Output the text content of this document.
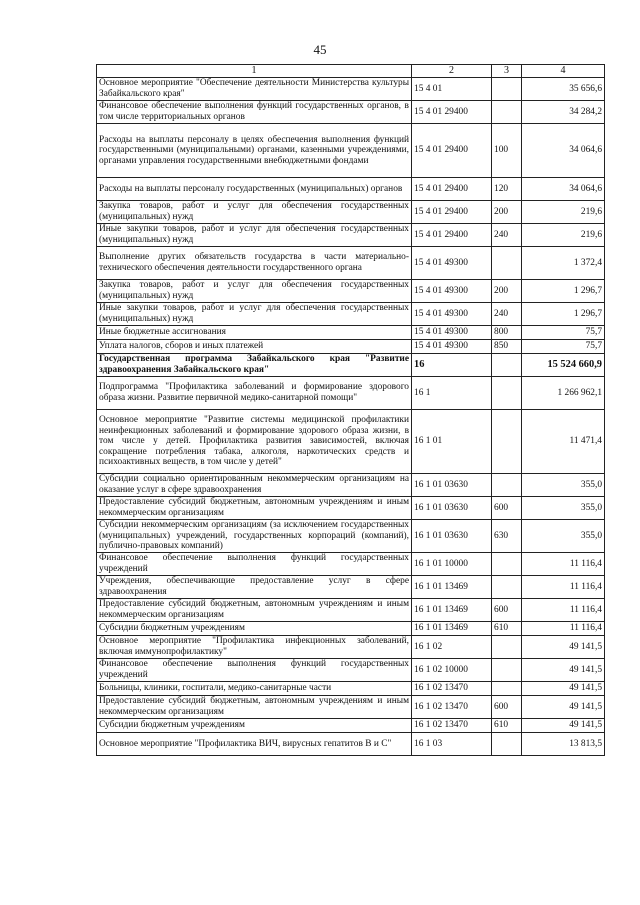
45
1	2	3	4
Основное мероприятие "Обеспечение деятельности Министерства культуры Забайкальского края"	15 4 01		35 656,6
Финансовое обеспечение выполнения функций государственных органов, в том числе территориальных органов	15 4 01 29400		34 284,2
Расходы на выплаты персоналу в целях обеспечения выполнения функций государственными (муниципальными) органами, казенными учреждениями, органами управления государственными внебюджетными фондами	15 4 01 29400	100	34 064,6
Расходы на выплаты персоналу государственных (муниципальных) органов	15 4 01 29400	120	34 064,6
Закупка товаров, работ и услуг для обеспечения государственных (муниципальных) нужд	15 4 01 29400	200	219,6
Иные закупки товаров, работ и услуг для обеспечения государственных (муниципальных) нужд	15 4 01 29400	240	219,6
Выполнение других обязательств государства в части материально-технического обеспечения деятельности государственного органа	15 4 01 49300		1 372,4
Закупка товаров, работ и услуг для обеспечения государственных (муниципальных) нужд	15 4 01 49300	200	1 296,7
Иные закупки товаров, работ и услуг для обеспечения государственных (муниципальных) нужд	15 4 01 49300	240	1 296,7
Иные бюджетные ассигнования	15 4 01 49300	800	75,7
Уплата налогов, сборов и иных платежей	15 4 01 49300	850	75,7
Государственная программа Забайкальского края "Развитие здравоохранения Забайкальского края"	16		15 524 660,9
Подпрограмма "Профилактика заболеваний и формирование здорового образа жизни. Развитие первичной медико-санитарной помощи"	16 1		1 266 962,1
Основное мероприятие "Развитие системы медицинской профилактики неинфекционных заболеваний и формирование здорового образа жизни, в том числе у детей. Профилактика развития зависимостей, включая сокращение потребления табака, алкоголя, наркотических средств и психоактивных веществ, в том числе у детей"	16 1 01		11 471,4
Субсидии социально ориентированным некоммерческим организациям на оказание услуг в сфере здравоохранения	16 1 01 03630		355,0
Предоставление субсидий бюджетным, автономным учреждениям и иным некоммерческим организациям	16 1 01 03630	600	355,0
Субсидии некоммерческим организациям (за исключением государственных (муниципальных) учреждений, государственных корпораций (компаний), публично-правовых компаний)	16 1 01 03630	630	355,0
Финансовое обеспечение выполнения функций государственных учреждений	16 1 01 10000		11 116,4
Учреждения, обеспечивающие предоставление услуг в сфере здравоохранения	16 1 01 13469		11 116,4
Предоставление субсидий бюджетным, автономным учреждениям и иным некоммерческим организациям	16 1 01 13469	600	11 116,4
Субсидии бюджетным учреждениям	16 1 01 13469	610	11 116,4
Основное мероприятие "Профилактика инфекционных заболеваний, включая иммунопрофилактику"	16 1 02		49 141,5
Финансовое обеспечение выполнения функций государственных учреждений	16 1 02 10000		49 141,5
Больницы, клиники, госпитали, медико-санитарные части	16 1 02 13470		49 141,5
Предоставление субсидий бюджетным, автономным учреждениям и иным некоммерческим организациям	16 1 02 13470	600	49 141,5
Субсидии бюджетным учреждениям	16 1 02 13470	610	49 141,5
Основное мероприятие "Профилактика ВИЧ, вирусных гепатитов В и С"	16 1 03		13 813,5
